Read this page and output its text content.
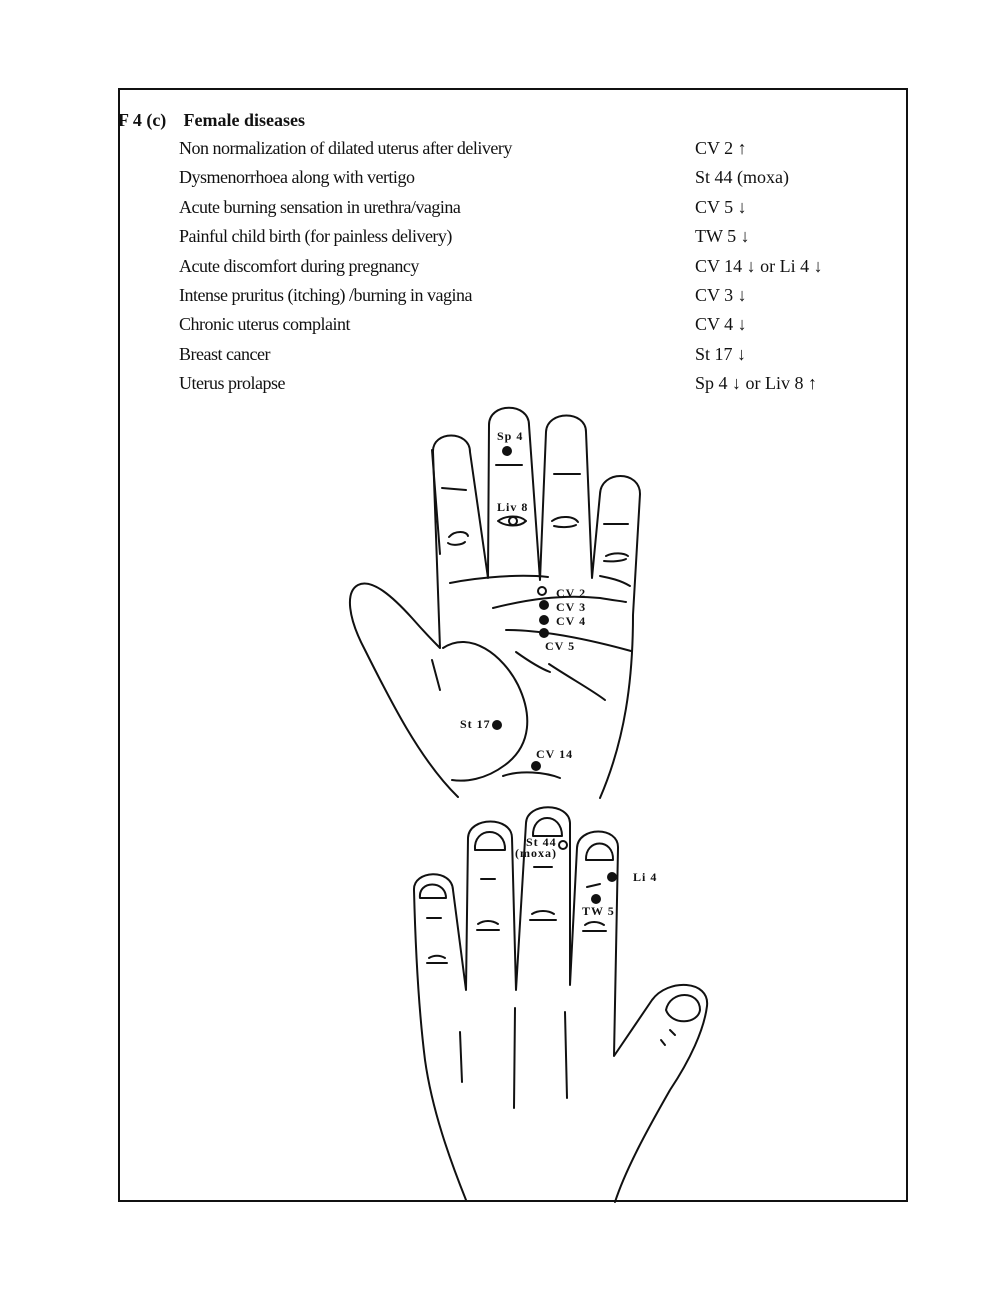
F 4 (c) Female diseases
Non normalization of dilated uterus after delivery	CV 2 ↑
Dysmenorrhoea along with vertigo	St 44 (moxa)
Acute burning sensation in urethra/vagina	CV 5 ↓
Painful child birth (for painless delivery)	TW 5 ↓
Acute discomfort during pregnancy	CV 14 ↓ or Li 4 ↓
Intense pruritus (itching) /burning in vagina	CV 3 ↓
Chronic uterus complaint	CV 4 ↓
Breast cancer	St 17 ↓
Uterus prolapse	Sp 4 ↓ or Liv 8 ↑
Sp 4
Liv 8
CV 2
CV 3
CV 4
CV 5
St 17
CV 14
St 44
(moxa)
Li 4
TW 5
